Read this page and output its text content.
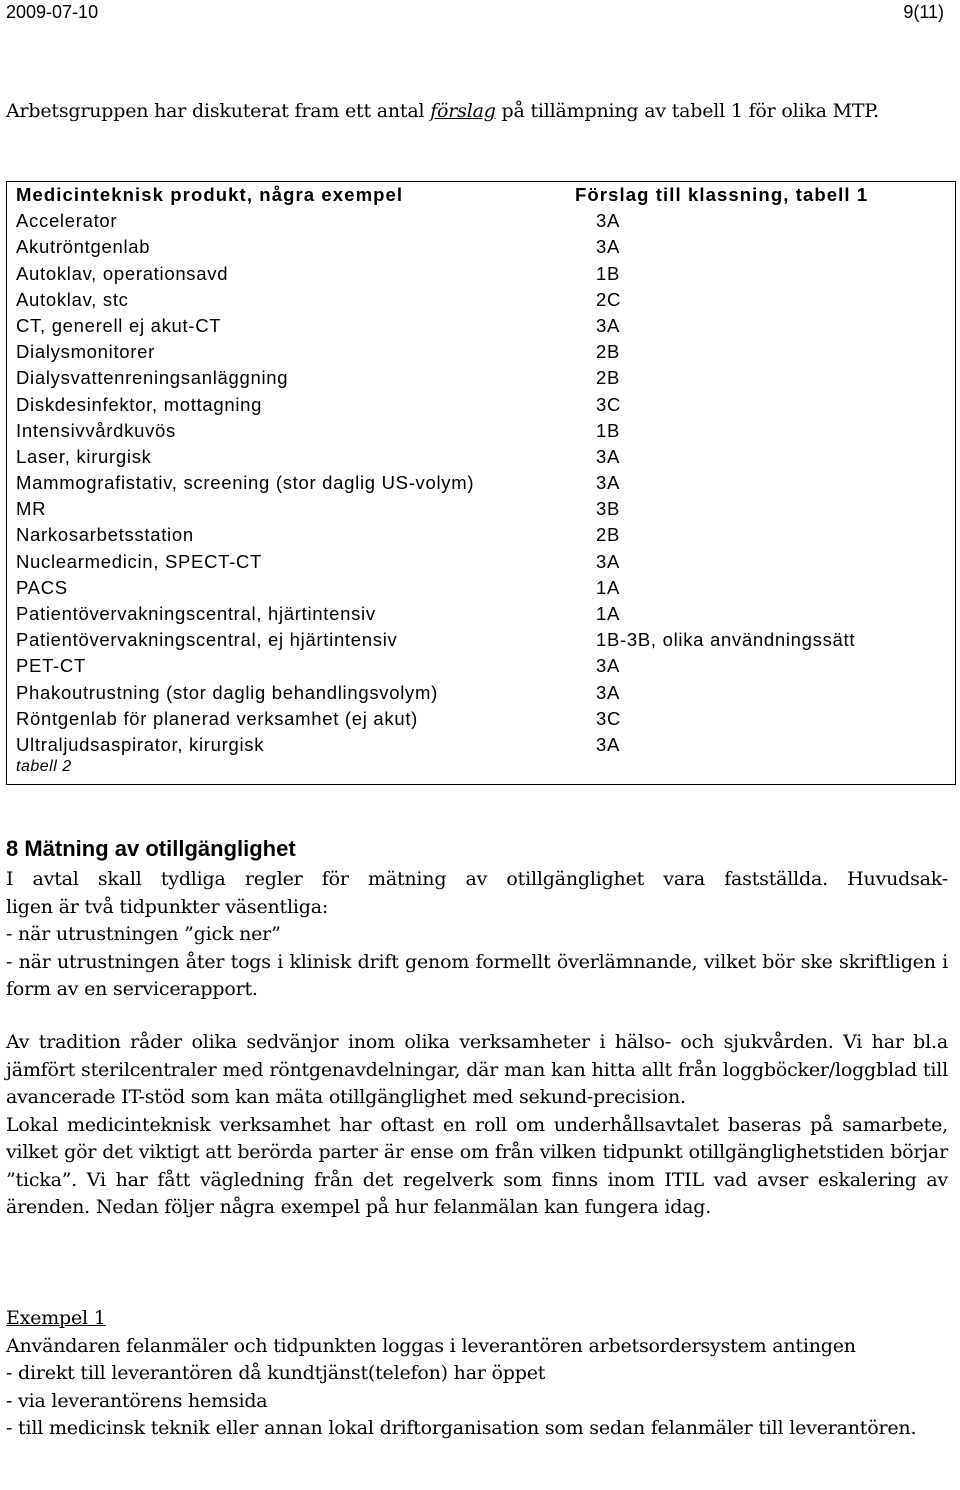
2009-07-10	9(11)

Arbetsgruppen har diskuterat fram ett antal förslag på tillämpning av tabell 1 för olika MTP.

Medicinteknisk produkt, några exempel	Förslag till klassning, tabell 1
Accelerator	3A
Akutröntgenlab	3A
Autoklav, operationsavd	1B
Autoklav, stc	2C
CT, generell ej akut-CT	3A
Dialysmonitorer	2B
Dialysvattenreningsanläggning	2B
Diskdesinfektor, mottagning	3C
Intensivvårdkuvös	1B
Laser, kirurgisk	3A
Mammografistativ, screening (stor daglig US-volym)	3A
MR	3B
Narkosarbetsstation	2B
Nuclearmedicin, SPECT-CT	3A
PACS	1A
Patientövervakningscentral, hjärtintensiv	1A
Patientövervakningscentral, ej hjärtintensiv	1B-3B, olika användningssätt
PET-CT	3A
Phakoutrustning (stor daglig behandlingsvolym)	3A
Röntgenlab för planerad verksamhet (ej akut)	3C
Ultraljudsaspirator, kirurgisk	3A
tabell 2
8 Mätning av otillgänglighet

I avtal skall tydliga regler för mätning av otillgänglighet vara fastställda. Huvudsak-

ligen är två tidpunkter väsentliga:

- när utrustningen ”gick ner”

- när utrustningen åter togs i klinisk drift genom formellt överlämnande, vilket bör ske skriftligen i form av en servicerapport.

Av tradition råder olika sedvänjor inom olika verksamheter i hälso- och sjukvården. Vi har bl.a jämfört sterilcentraler med röntgenavdelningar, där man kan hitta allt från loggböcker/loggblad till avancerade IT-stöd som kan mäta otillgänglighet med sekund-precision.

Lokal medicinteknisk verksamhet har oftast en roll om underhållsavtalet baseras på samarbete, vilket gör det viktigt att berörda parter är ense om från vilken tidpunkt otillgänglighetstiden börjar ”ticka”. Vi har fått vägledning från det regelverk som finns inom ITIL vad avser eskalering av ärenden. Nedan följer några exempel på hur felanmälan kan fungera idag.

Exempel 1

Användaren felanmäler och tidpunkten loggas i leverantören arbetsordersystem antingen

- direkt till leverantören då kundtjänst(telefon) har öppet

- via leverantörens hemsida

- till medicinsk teknik eller annan lokal driftorganisation som sedan felanmäler till leverantören.
